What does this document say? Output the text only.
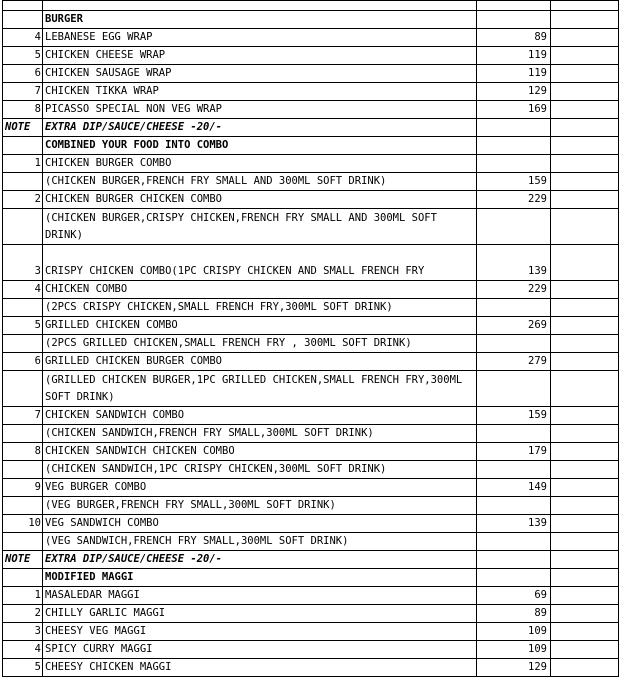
	BURGER		
4	LEBANESE EGG WRAP	89	
5	CHICKEN CHEESE WRAP	119	
6	CHICKEN SAUSAGE WRAP	119	
7	CHICKEN TIKKA WRAP	129	
8	PICASSO SPECIAL NON VEG WRAP	169	
NOTE	EXTRA DIP/SAUCE/CHEESE -20/-		
	COMBINED YOUR FOOD INTO COMBO		
1	CHICKEN BURGER COMBO		
	(CHICKEN BURGER,FRENCH FRY SMALL AND 300ML SOFT DRINK)	159	
2	CHICKEN BURGER CHICKEN COMBO	229	
	(CHICKEN BURGER,CRISPY CHICKEN,FRENCH FRY SMALL AND 300ML SOFT DRINK)		
3	CRISPY CHICKEN COMBO(1PC CRISPY CHICKEN AND SMALL FRENCH FRY	139	
4	CHICKEN COMBO	229	
	(2PCS CRISPY CHICKEN,SMALL FRENCH FRY,300ML SOFT DRINK)		
5	GRILLED CHICKEN COMBO	269	
	(2PCS GRILLED CHICKEN,SMALL FRENCH FRY , 300ML SOFT DRINK)		
6	GRILLED CHICKEN BURGER COMBO	279	
	(GRILLED CHICKEN BURGER,1PC GRILLED CHICKEN,SMALL FRENCH FRY,300ML SOFT DRINK)		
7	CHICKEN SANDWICH COMBO	159	
	(CHICKEN SANDWICH,FRENCH FRY SMALL,300ML SOFT DRINK)		
8	CHICKEN SANDWICH CHICKEN COMBO	179	
	(CHICKEN SANDWICH,1PC CRISPY CHICKEN,300ML SOFT DRINK)		
9	VEG BURGER COMBO	149	
	(VEG BURGER,FRENCH FRY SMALL,300ML SOFT DRINK)		
10	VEG SANDWICH COMBO	139	
	(VEG SANDWICH,FRENCH FRY SMALL,300ML SOFT DRINK)		
NOTE	EXTRA DIP/SAUCE/CHEESE -20/-		
	MODIFIED MAGGI		
1	MASALEDAR MAGGI	69	
2	CHILLY GARLIC MAGGI	89	
3	CHEESY VEG MAGGI	109	
4	SPICY CURRY MAGGI	109	
5	CHEESY CHICKEN MAGGI	129	
